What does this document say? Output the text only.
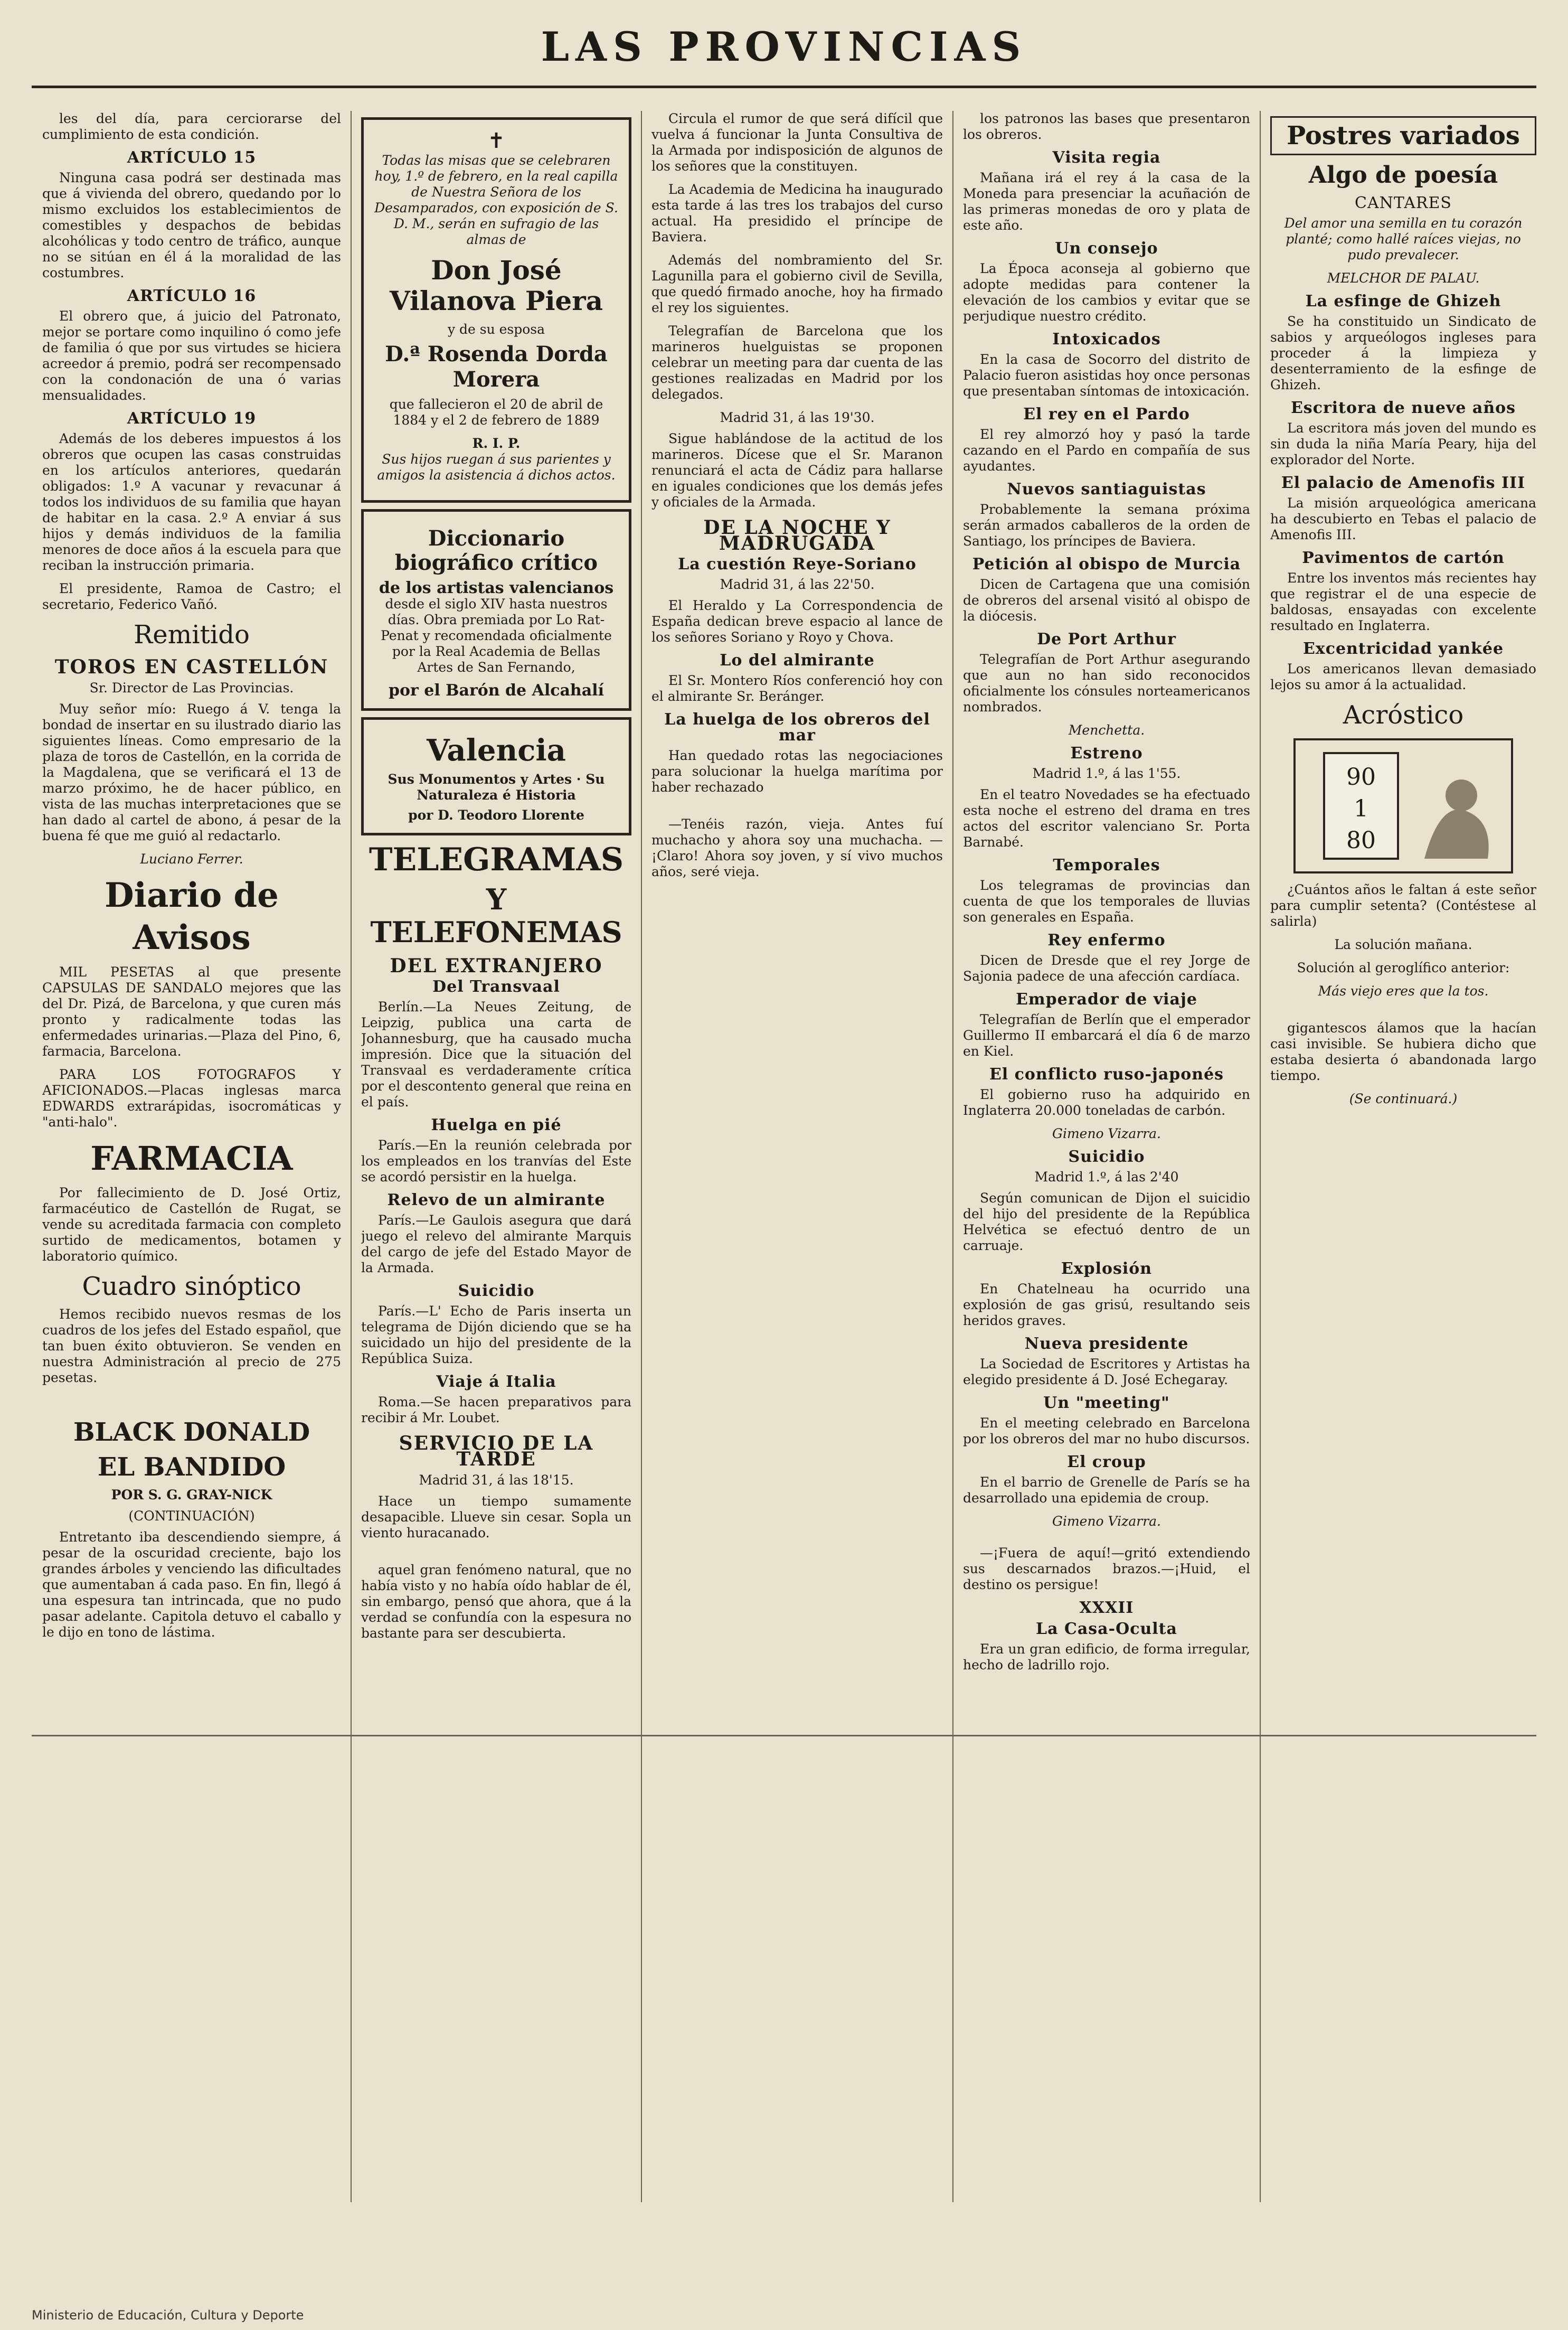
LAS PROVINCIAS

les del día, para cerciorarse del cumplimiento de esta condición.

ARTÍCULO 15

Ninguna casa podrá ser destinada mas que á vivienda del obrero, quedando por lo mismo excluidos los establecimientos de comestibles y despachos de bebidas alcohólicas y todo centro de tráfico, aunque no se sitúan en él á la moralidad de las costumbres.

ARTÍCULO 16

El obrero que, á juicio del Patronato, mejor se portare como inquilino ó como jefe de familia ó que por sus virtudes se hiciera acreedor á premio, podrá ser recompensado con la condonación de una ó varias mensualidades.

ARTÍCULO 19

Además de los deberes impuestos á los obreros que ocupen las casas construidas en los artículos anteriores, quedarán obligados: 1.º A vacunar y revacunar á todos los individuos de su familia que hayan de habitar en la casa. 2.º A enviar á sus hijos y demás individuos de la familia menores de doce años á la escuela para que reciban la instrucción primaria.

El presidente, Ramoa de Castro; el secretario, Federico Vañó.

Remitido
TOROS EN CASTELLÓN
Sr. Director de Las Provincias.

Muy señor mío: Ruego á V. tenga la bondad de insertar en su ilustrado diario las siguientes líneas. Como empresario de la plaza de toros de Castellón, en la corrida de la Magdalena, que se verificará el 13 de marzo próximo, he de hacer público, en vista de las muchas interpretaciones que se han dado al cartel de abono, á pesar de la buena fé que me guió al redactarlo.

Luciano Ferrer.
Diario de Avisos

MIL PESETAS al que presente CAPSULAS DE SANDALO mejores que las del Dr. Pizá, de Barcelona, y que curen más pronto y radicalmente todas las enfermedades urinarias.—Plaza del Pino, 6, farmacia, Barcelona.

PARA LOS FOTOGRAFOS Y AFICIONADOS.—Placas inglesas marca EDWARDS extrarápidas, isocromáticas y "anti-halo".

FARMACIA

Por fallecimiento de D. José Ortiz, farmacéutico de Castellón de Rugat, se vende su acreditada farmacia con completo surtido de medicamentos, botamen y laboratorio químico.

Cuadro sinóptico

Hemos recibido nuevos resmas de los cuadros de los jefes del Estado español, que tan buen éxito obtuvieron. Se venden en nuestra Administración al precio de 275 pesetas.

BLACK DONALD
EL BANDIDO
POR S. G. GRAY-NICK
(CONTINUACIÓN)

Entretanto iba descendiendo siempre, á pesar de la oscuridad creciente, bajo los grandes árboles y venciendo las dificultades que aumentaban á cada paso. En fin, llegó á una espesura tan intrincada, que no pudo pasar adelante. Capitola detuvo el caballo y le dijo en tono de lástima.

✝

Todas las misas que se celebraren hoy, 1.º de febrero, en la real capilla de Nuestra Señora de los Desamparados, con exposición de S. D. M., serán en sufragio de las almas de

Don José Vilanova Piera
y de su esposa
D.ª Rosenda Dorda Morera

que fallecieron el 20 de abril de 1884 y el 2 de febrero de 1889

R. I. P.

Sus hijos ruegan á sus parientes y amigos la asistencia á dichos actos.

Diccionario biográfico crítico
de los artistas valencianos

desde el siglo XIV hasta nuestros días. Obra premiada por Lo Rat-Penat y recomendada oficialmente por la Real Academia de Bellas Artes de San Fernando,

por el Barón de Alcahalí
Valencia
Sus Monumentos y Artes · Su Naturaleza é Historia
por D. Teodoro Llorente
TELEGRAMAS
Y TELEFONEMAS
DEL EXTRANJERO
Del Transvaal

Berlín.—La Neues Zeitung, de Leipzig, publica una carta de Johannesburg, que ha causado mucha impresión. Dice que la situación del Transvaal es verdaderamente crítica por el descontento general que reina en el país.

Huelga en pié

París.—En la reunión celebrada por los empleados en los tranvías del Este se acordó persistir en la huelga.

Relevo de un almirante

París.—Le Gaulois asegura que dará juego el relevo del almirante Marquis del cargo de jefe del Estado Mayor de la Armada.

Suicidio

París.—L' Echo de Paris inserta un telegrama de Dijón diciendo que se ha suicidado un hijo del presidente de la República Suiza.

Viaje á Italia

Roma.—Se hacen preparativos para recibir á Mr. Loubet.

SERVICIO DE LA TARDE
Madrid 31, á las 18'15.

Hace un tiempo sumamente desapacible. Llueve sin cesar. Sopla un viento huracanado.

aquel gran fenómeno natural, que no había visto y no había oído hablar de él, sin embargo, pensó que ahora, que á la verdad se confundía con la espesura no bastante para ser descubierta.

Circula el rumor de que será difícil que vuelva á funcionar la Junta Consultiva de la Armada por indisposición de algunos de los señores que la constituyen.

La Academia de Medicina ha inaugurado esta tarde á las tres los trabajos del curso actual. Ha presidido el príncipe de Baviera.

Además del nombramiento del Sr. Lagunilla para el gobierno civil de Sevilla, que quedó firmado anoche, hoy ha firmado el rey los siguientes.

Telegrafían de Barcelona que los marineros huelguistas se proponen celebrar un meeting para dar cuenta de las gestiones realizadas en Madrid por los delegados.

Madrid 31, á las 19'30.

Sigue hablándose de la actitud de los marineros. Dícese que el Sr. Maranon renunciará el acta de Cádiz para hallarse en iguales condiciones que los demás jefes y oficiales de la Armada.

DE LA NOCHE Y MADRUGADA
La cuestión Reye-Soriano
Madrid 31, á las 22'50.

El Heraldo y La Correspondencia de España dedican breve espacio al lance de los señores Soriano y Royo y Chova.

Lo del almirante

El Sr. Montero Ríos conferenció hoy con el almirante Sr. Beránger.

La huelga de los obreros del mar

Han quedado rotas las negociaciones para solucionar la huelga marítima por haber rechazado

—Tenéis razón, vieja. Antes fuí muchacho y ahora soy una muchacha. —¡Claro! Ahora soy joven, y sí vivo muchos años, seré vieja.

los patronos las bases que presentaron los obreros.

Visita regia

Mañana irá el rey á la casa de la Moneda para presenciar la acuñación de las primeras monedas de oro y plata de este año.

Un consejo

La Época aconseja al gobierno que adopte medidas para contener la elevación de los cambios y evitar que se perjudique nuestro crédito.

Intoxicados

En la casa de Socorro del distrito de Palacio fueron asistidas hoy once personas que presentaban síntomas de intoxicación.

El rey en el Pardo

El rey almorzó hoy y pasó la tarde cazando en el Pardo en compañía de sus ayudantes.

Nuevos santiaguistas

Probablemente la semana próxima serán armados caballeros de la orden de Santiago, los príncipes de Baviera.

Petición al obispo de Murcia

Dicen de Cartagena que una comisión de obreros del arsenal visitó al obispo de la diócesis.

De Port Arthur

Telegrafían de Port Arthur asegurando que aun no han sido reconocidos oficialmente los cónsules norteamericanos nombrados.

Menchetta.
Estreno
Madrid 1.º, á las 1'55.

En el teatro Novedades se ha efectuado esta noche el estreno del drama en tres actos del escritor valenciano Sr. Porta Barnabé.

Temporales

Los telegramas de provincias dan cuenta de que los temporales de lluvias son generales en España.

Rey enfermo

Dicen de Dresde que el rey Jorge de Sajonia padece de una afección cardíaca.

Emperador de viaje

Telegrafían de Berlín que el emperador Guillermo II embarcará el día 6 de marzo en Kiel.

El conflicto ruso-japonés

El gobierno ruso ha adquirido en Inglaterra 20.000 toneladas de carbón.

Gimeno Vizarra.
Suicidio
Madrid 1.º, á las 2'40

Según comunican de Dijon el suicidio del hijo del presidente de la República Helvética se efectuó dentro de un carruaje.

Explosión

En Chatelneau ha ocurrido una explosión de gas grisú, resultando seis heridos graves.

Nueva presidente

La Sociedad de Escritores y Artistas ha elegido presidente á D. José Echegaray.

Un "meeting"

En el meeting celebrado en Barcelona por los obreros del mar no hubo discursos.

El croup

En el barrio de Grenelle de París se ha desarrollado una epidemia de croup.

Gimeno Vizarra.

—¡Fuera de aquí!—gritó extendiendo sus descarnados brazos.—¡Huid, el destino os persigue!

XXXII
La Casa-Oculta

Era un gran edificio, de forma irregular, hecho de ladrillo rojo.

Postres variados
Algo de poesía
CANTARES

Del amor una semilla en tu corazón planté; como hallé raíces viejas, no pudo prevalecer.

MELCHOR DE PALAU.
La esfinge de Ghizeh

Se ha constituido un Sindicato de sabios y arqueólogos ingleses para proceder á la limpieza y desenterramiento de la esfinge de Ghizeh.

Escritora de nueve años

La escritora más joven del mundo es sin duda la niña María Peary, hija del explorador del Norte.

El palacio de Amenofis III

La misión arqueológica americana ha descubierto en Tebas el palacio de Amenofis III.

Pavimentos de cartón

Entre los inventos más recientes hay que registrar el de una especie de baldosas, ensayadas con excelente resultado en Inglaterra.

Excentricidad yankée

Los americanos llevan demasiado lejos su amor á la actualidad.

Acróstico
90 1 80

¿Cuántos años le faltan á este señor para cumplir setenta? (Contéstese al salirla)

La solución mañana.

Solución al geroglífico anterior:

Más viejo eres que la tos.

gigantescos álamos que la hacían casi invisible. Se hubiera dicho que estaba desierta ó abandonada largo tiempo.

(Se continuará.)
Ministerio de Educación, Cultura y Deporte
